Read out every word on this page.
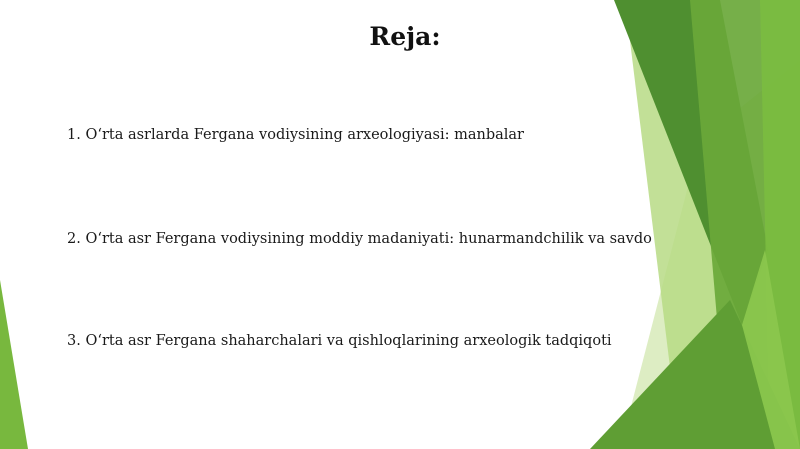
Reja:
1. O‘rta asrlarda Fergana vodiysining arxeologiyasi: manbalar
2. O‘rta asr Fergana vodiysining moddiy madaniyati: hunarmandchilik va savdo
3. O‘rta asr Fergana shaharchalari va qishloqlarining arxeologik tadqiqoti
